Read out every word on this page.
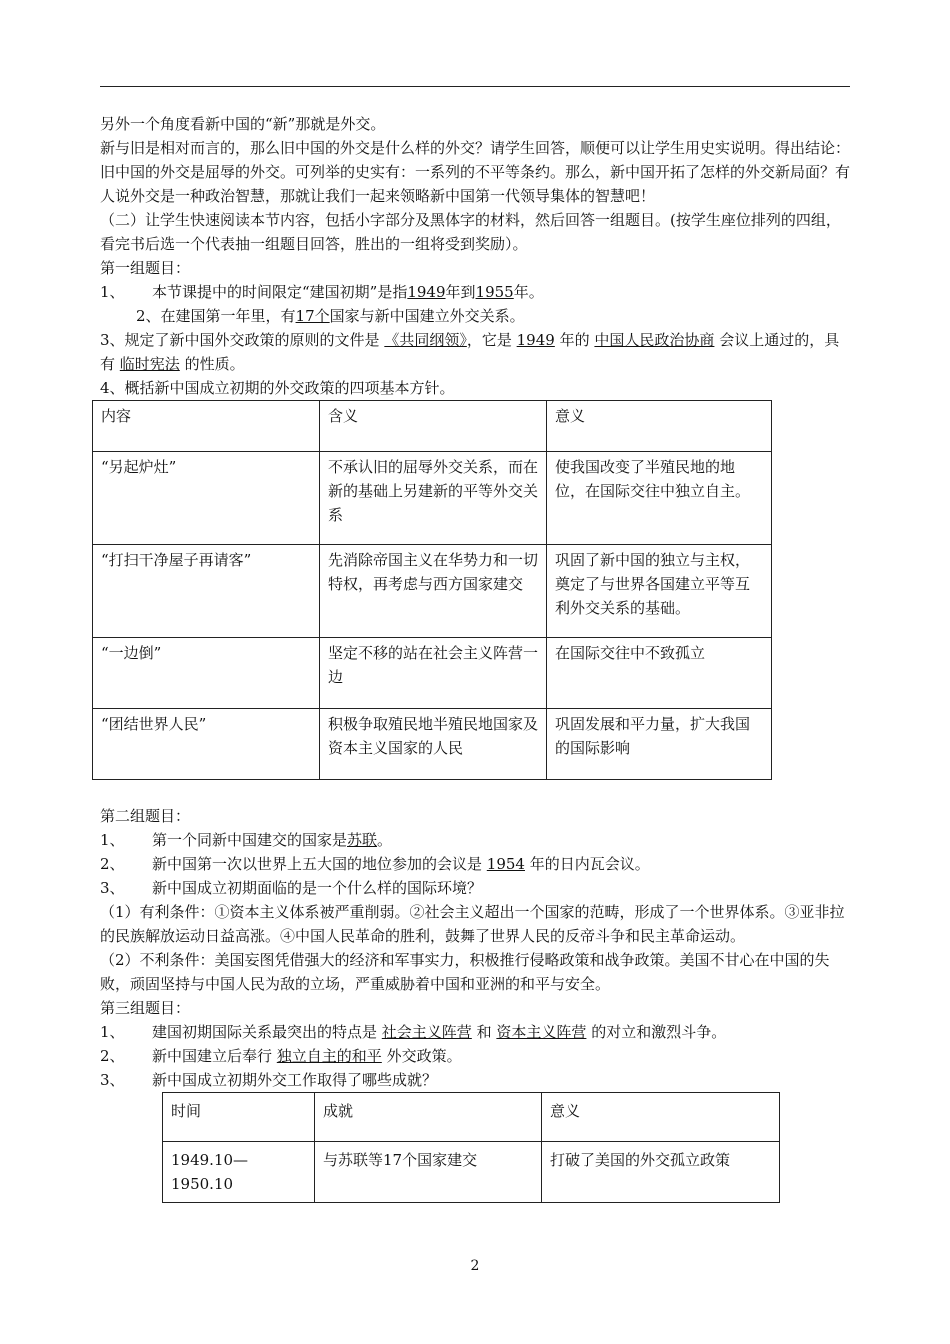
另外一个角度看新中国的“新”那就是外交。

新与旧是相对而言的，那么旧中国的外交是什么样的外交？请学生回答，顺便可以让学生用史实说明。得出结论：旧中国的外交是屈辱的外交。可列举的史实有：一系列的不平等条约。那么，新中国开拓了怎样的外交新局面？有人说外交是一种政治智慧，那就让我们一起来领略新中国第一代领导集体的智慧吧！

（二）让学生快速阅读本节内容，包括小字部分及黑体字的材料，然后回答一组题目。(按学生座位排列的四组，看完书后选一个代表抽一组题目回答，胜出的一组将受到奖励）。

第一组题目：

1、	本节课提中的时间限定“建国初期”是指1949年到1955年。

2、在建国第一年里，有17个国家与新中国建立外交关系。

3、规定了新中国外交政策的原则的文件是 《共同纲领》，它是 1949 年的 中国人民政治协商 会议上通过的，具有 临时宪法 的性质。

4、概括新中国成立初期的外交政策的四项基本方针。

内容	含义	意义
“另起炉灶”	不承认旧的屈辱外交关系，而在新的基础上另建新的平等外交关系	使我国改变了半殖民地的地位，在国际交往中独立自主。
“打扫干净屋子再请客”	先消除帝国主义在华势力和一切特权，再考虑与西方国家建交	巩固了新中国的独立与主权，奠定了与世界各国建立平等互利外交关系的基础。
“一边倒”	坚定不移的站在社会主义阵营一边	在国际交往中不致孤立
“团结世界人民”	积极争取殖民地半殖民地国家及资本主义国家的人民	巩固发展和平力量，扩大我国的国际影响

第二组题目：

1、	第一个同新中国建交的国家是苏联。
2、	新中国第一次以世界上五大国的地位参加的会议是 1954 年的日内瓦会议。
3、	新中国成立初期面临的是一个什么样的国际环境？

（1）有利条件：①资本主义体系被严重削弱。②社会主义超出一个国家的范畴，形成了一个世界体系。③亚非拉的民族解放运动日益高涨。④中国人民革命的胜利，鼓舞了世界人民的反帝斗争和民主革命运动。

（2）不利条件：美国妄图凭借强大的经济和军事实力，积极推行侵略政策和战争政策。美国不甘心在中国的失败，顽固坚持与中国人民为敌的立场，严重威胁着中国和亚洲的和平与安全。

第三组题目：

1、	建国初期国际关系最突出的特点是 社会主义阵营 和 资本主义阵营 的对立和激烈斗争。
2、	新中国建立后奉行 独立自主的和平 外交政策。
3、	新中国成立初期外交工作取得了哪些成就？
时间	成就	意义
1949.10—1950.10	与苏联等17个国家建交	打破了美国的外交孤立政策
2
